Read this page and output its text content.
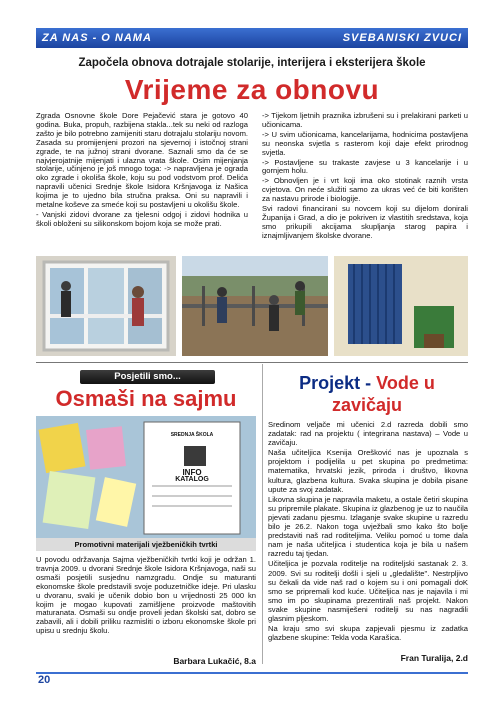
ZA NAS - O NAMA	SVEBANISKI ZVUCI
Započela obnova dotrajale stolarije, interijera i eksterijera škole
Vrijeme za obnovu

Zgrada Osnovne škole Dore Pejačević stara je gotovo 40 godina. Buka, propuh, razbijena stakla...tek su neki od razloga zašto je bilo potrebno zamijeniti staru dotrajalu stolariju novom. Zasada su promijenjeni prozori na sjevernoj i istočnoj strani zgrade, te na južnoj strani dvorane. Saznali smo da će se najvjerojatnije mijenjati i ulazna vrata škole. Osim mijenjanja stolarije, učinjeno je još mnogo toga: -> napravljena je ograda oko zgrade i okoliša škole, koju su pod vodstvom prof. Delića napravili učenici Srednje škole Isidora Kršnjavoga iz Našica kojima je to ujedno bila stručna praksa. Oni su napravili i metalne koševe za smeće koji su postavljeni u okolišu škole.

- Vanjski zidovi dvorane za tjelesni odgoj i zidovi hodnika u školi obloženi su silikonskom bojom koja se može prati.

-> Tijekom ljetnih praznika izbrušeni su i prelakirani parketi u učionicama.

-> U svim učionicama, kancelarijama, hodnicima postavljena su neonska svjetla s rasterom koji daje efekt prirodnog svjetla.

-> Postavljene su trakaste zavjese u 3 kancelarije i u gornjem holu.

-> Obnovljen je i vrt koji ima oko stotinak raznih vrsta cvjetova. On neće služiti samo za ukras već će biti korišten za nastavu prirode i biologije.

Svi radovi financirani su novcem koji su dijelom donirali Županija i Grad, a dio je pokriven iz vlastitih sredstava, koja smo prikupili akcijama skupljanja starog papira i iznajmljivanjem školske dvorane.

Posjetili smo...
Osmaši na sajmu
SREDNJA ŠKOLA
INFO
KATALOG
Promotivni materijali vježbeničkih tvrtki

U povodu održavanja Sajma vježbeničkih tvrtki koji je održan 1. travnja 2009. u dvorani Srednje škole Isidora Kršnjavoga, naši su osmaši posjetili susjednu namzgradu. Ondje su maturanti ekonomske škole predstavili svoje poduzetničke ideje. Pri ulasku u dvoranu, svaki je učenik dobio bon u vrijednosti 25 000 kn kojim je mogao kupovati zamišljene proizvode maštovitih maturanata. Osmaši su ondje proveli jedan školski sat, dobro se zabavili, ali i dobili priliku razmisliti o izboru ekonomske škole pri upisu u srednju školu.

Barbara Lukačić, 8.a
Projekt - Vode u zavičaju

Sredinom veljače mi učenici 2.d razreda dobili smo zadatak: rad na projektu ( integrirana nastava) – Vode u zavičaju.

Naša učiteljica Ksenija Orešković nas je upoznala s projektom i podijelila u pet skupina po predmetima: matematika, hrvatski jezik, priroda i društvo, likovna kultura, glazbena kultura. Svaka skupina je dobila pisane upute za svoj zadatak.

Likovna skupina je napravila maketu, a ostale četiri skupina su pripremile plakate. Skupina iz glazbenog je uz to naučila pjevati zadanu pjesmu. Izlaganje svake skupine u razredu bilo je 26.2. Nakon toga uvježbali smo kako što bolje predstaviti naš rad roditeljima. Veliku pomoć u tome dala nam je naša učiteljica i studentica koja je bila u našem razredu taj tjedan.

Učiteljica je pozvala roditelje na roditeljski sastanak 2. 3. 2009. Svi su roditelji došli i sjeli u „gledalište". Nestrpljivo su čekali da vide naš rad o kojem su i oni pomagali doK smo se pripremali kod kuće. Učiteljica nas je najavila i mi smo im po skupinama prezentirali naš projekt. Nakon svake skupine nasmiješeni roditelji su nas nagradili glasnim pljeskom.

Na kraju smo svi skupa zapjevali pjesmu iz zadatka glazbene skupine: Tekla voda Karašica.

Fran Turalija, 2.d
20
